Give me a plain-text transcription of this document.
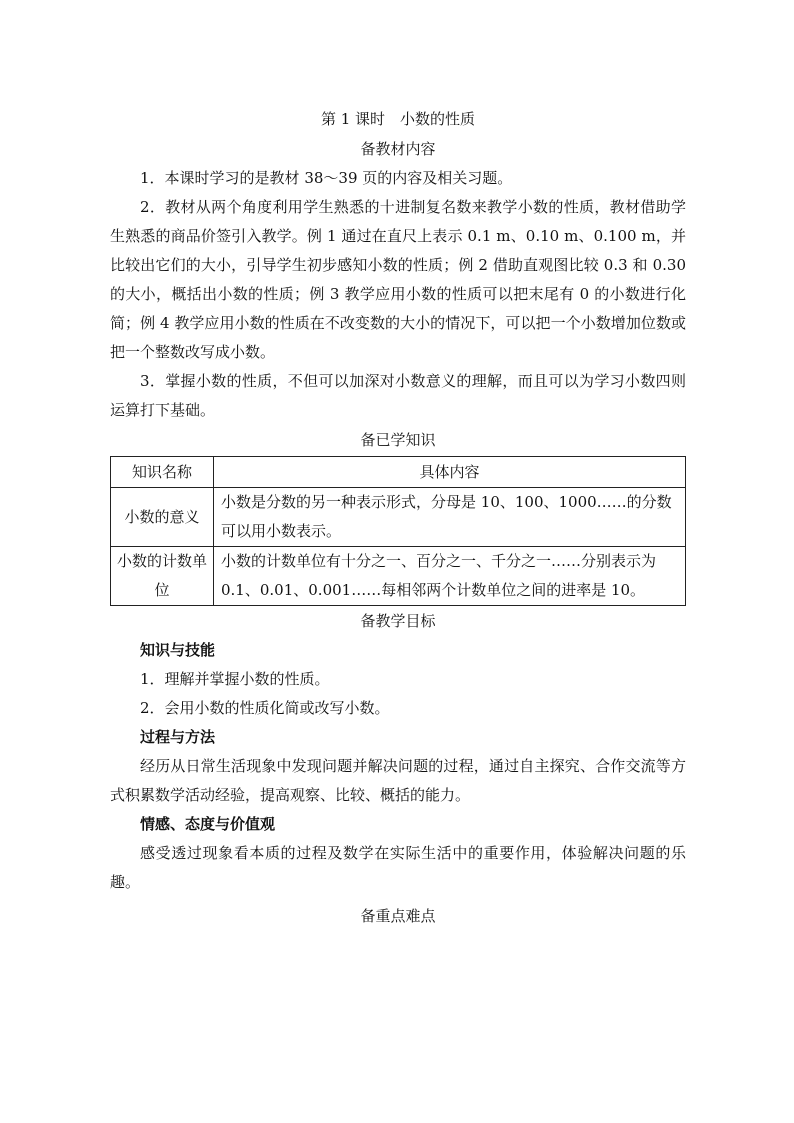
第 1 课时　小数的性质
备教材内容

1．本课时学习的是教材 38～39 页的内容及相关习题。

2．教材从两个角度利用学生熟悉的十进制复名数来教学小数的性质，教材借助学生熟悉的商品价签引入教学。例 1 通过在直尺上表示 0.1 m、0.10 m、0.100 m，并比较出它们的大小，引导学生初步感知小数的性质；例 2 借助直观图比较 0.3 和 0.30 的大小，概括出小数的性质；例 3 教学应用小数的性质可以把末尾有 0 的小数进行化简；例 4 教学应用小数的性质在不改变数的大小的情况下，可以把一个小数增加位数或把一个整数改写成小数。

3．掌握小数的性质，不但可以加深对小数意义的理解，而且可以为学习小数四则运算打下基础。

备已学知识
知识名称	具体内容
小数的意义	小数是分数的另一种表示形式，分母是 10、100、1000……的分数可以用小数表示。
小数的计数单位	小数的计数单位有十分之一、百分之一、千分之一……分别表示为 0.1、0.01、0.001……每相邻两个计数单位之间的进率是 10。
备教学目标

知识与技能

1．理解并掌握小数的性质。

2．会用小数的性质化简或改写小数。

过程与方法

经历从日常生活现象中发现问题并解决问题的过程，通过自主探究、合作交流等方式积累数学活动经验，提高观察、比较、概括的能力。

情感、态度与价值观

感受透过现象看本质的过程及数学在实际生活中的重要作用，体验解决问题的乐趣。

备重点难点
